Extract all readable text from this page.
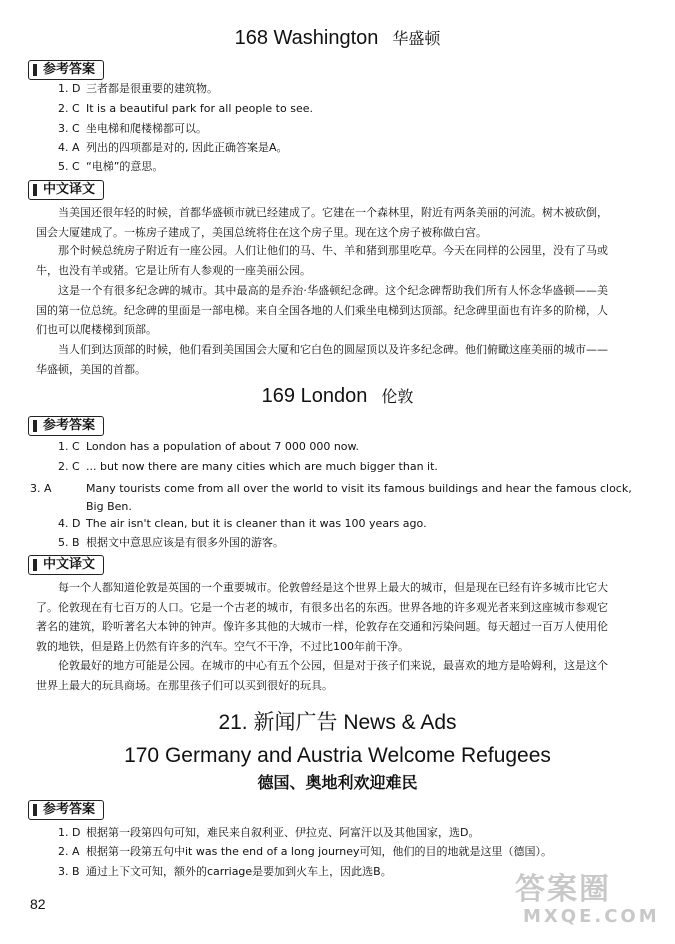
168 Washington 华盛顿
参考答案
1. D 三者都是很重要的建筑物。
2. C It is a beautiful park for all people to see.
3. C 坐电梯和爬楼梯都可以。
4. A 列出的四项都是对的, 因此正确答案是A。
5. C “电梯”的意思。
中文译文
当美国还很年轻的时候，首都华盛顿市就已经建成了。它建在一个森林里，附近有两条美丽的河流。树木被砍倒，国会大厦建成了。一栋房子建成了，美国总统将住在这个房子里。现在这个房子被称做白宫。
那个时候总统房子附近有一座公园。人们让他们的马、牛、羊和猪到那里吃草。今天在同样的公园里，没有了马或牛，也没有羊或猪。它是让所有人参观的一座美丽公园。
这是一个有很多纪念碑的城市。其中最高的是乔治·华盛顿纪念碑。这个纪念碑帮助我们所有人怀念华盛顿——美国的第一位总统。纪念碑的里面是一部电梯。来自全国各地的人们乘坐电梯到达顶部。纪念碑里面也有许多的阶梯，人们也可以爬楼梯到顶部。
当人们到达顶部的时候，他们看到美国国会大厦和它白色的圆屋顶以及许多纪念碑。他们俯瞰这座美丽的城市——华盛顿，美国的首都。
169 London 伦敦
参考答案
1. C London has a population of about 7 000 000 now.
2. C ... but now there are many cities which are much bigger than it.
3. A	Many tourists come from all over the world to visit its famous buildings and hear the famous clock, Big Ben.
4. D The air isn't clean, but it is cleaner than it was 100 years ago.
5. B 根据文中意思应该是有很多外国的游客。
中文译文
每一个人都知道伦敦是英国的一个重要城市。伦敦曾经是这个世界上最大的城市，但是现在已经有许多城市比它大了。伦敦现在有七百万的人口。它是一个古老的城市，有很多出名的东西。世界各地的许多观光者来到这座城市参观它著名的建筑，聆听著名大本钟的钟声。像许多其他的大城市一样，伦敦存在交通和污染问题。每天超过一百万人使用伦敦的地铁，但是路上仍然有许多的汽车。空气不干净，不过比100年前干净。
伦敦最好的地方可能是公园。在城市的中心有五个公园，但是对于孩子们来说，最喜欢的地方是哈姆利，这是这个世界上最大的玩具商场。在那里孩子们可以买到很好的玩具。
21. 新闻广告 News & Ads
170 Germany and Austria Welcome Refugees
德国、奥地利欢迎难民
参考答案
1. D 根据第一段第四句可知，难民来自叙利亚、伊拉克、阿富汗以及其他国家，选D。
2. A 根据第一段第五句中it was the end of a long journey可知，他们的目的地就是这里（德国）。
3. B 通过上下文可知，额外的carriage是要加到火车上，因此选B。
82	答案圈
MXQE.COM
